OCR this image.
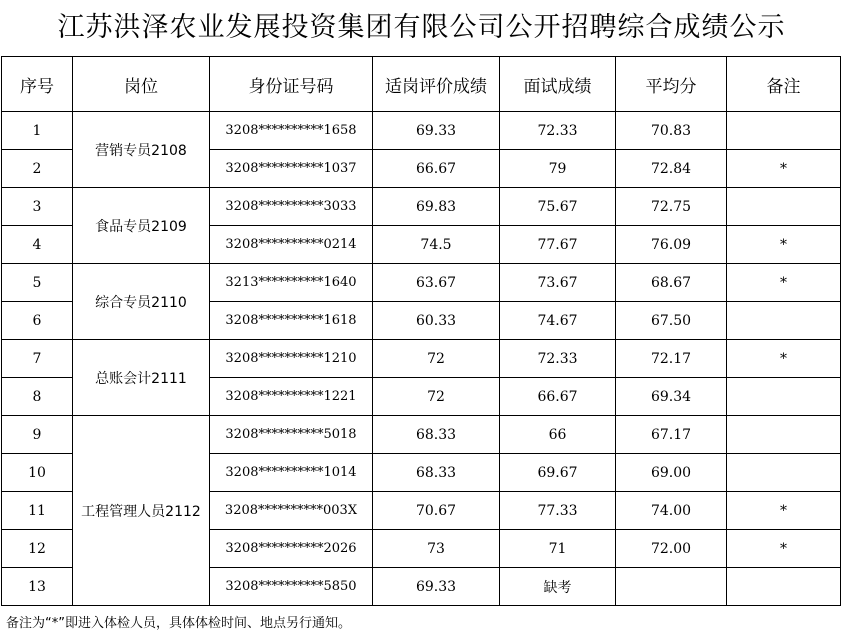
江苏洪泽农业发展投资集团有限公司公开招聘综合成绩公示
序号	岗位	身份证号码	适岗评价成绩	面试成绩	平均分	备注
1	营销专员2108	3208**********1658	69.33	72.33	70.83	
2		3208**********1037	66.67	79	72.84	*
3	食品专员2109	3208**********3033	69.83	75.67	72.75	
4		3208**********0214	74.5	77.67	76.09	*
5	综合专员2110	3213**********1640	63.67	73.67	68.67	*
6		3208**********1618	60.33	74.67	67.50	
7	总账会计2111	3208**********1210	72	72.33	72.17	*
8		3208**********1221	72	66.67	69.34	
9	工程管理人员2112	3208**********5018	68.33	66	67.17	
10		3208**********1014	68.33	69.67	69.00	
11		3208**********003X	70.67	77.33	74.00	*
12		3208**********2026	73	71	72.00	*
13		3208**********5850	69.33	缺考		
备注为“*”即进入体检人员，具体体检时间、地点另行通知。
